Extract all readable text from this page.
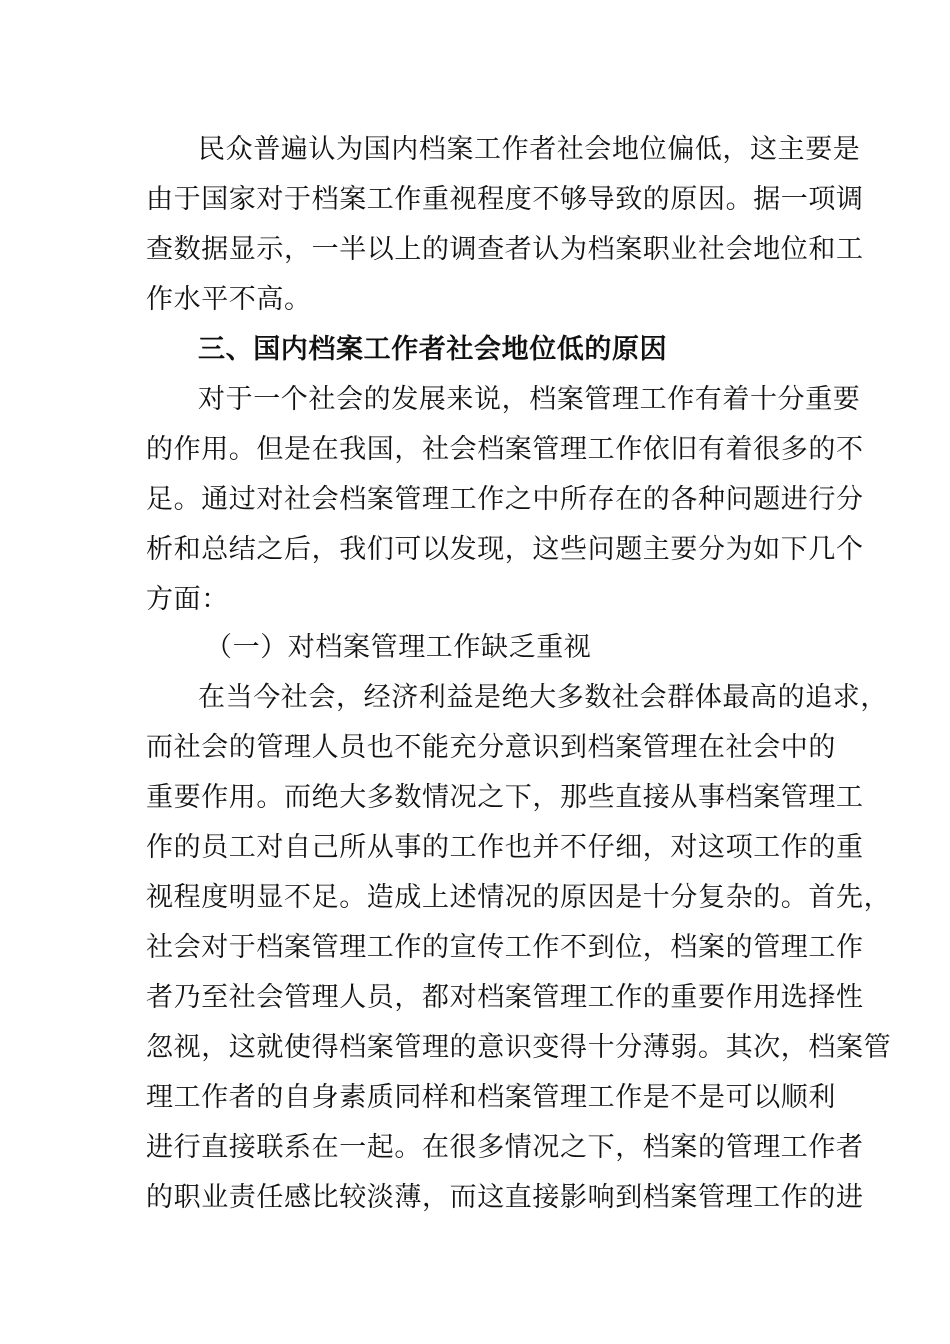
民众普遍认为国内档案工作者社会地位偏低，这主要是
由于国家对于档案工作重视程度不够导致的原因。据一项调
查数据显示，一半以上的调查者认为档案职业社会地位和工
作水平不高。
三、国内档案工作者社会地位低的原因
对于一个社会的发展来说，档案管理工作有着十分重要
的作用。但是在我国，社会档案管理工作依旧有着很多的不
足。通过对社会档案管理工作之中所存在的各种问题进行分
析和总结之后，我们可以发现，这些问题主要分为如下几个
方面：
（一）对档案管理工作缺乏重视
在当今社会，经济利益是绝大多数社会群体最高的追求，
而社会的管理人员也不能充分意识到档案管理在社会中的
重要作用。而绝大多数情况之下，那些直接从事档案管理工
作的员工对自己所从事的工作也并不仔细，对这项工作的重
视程度明显不足。造成上述情况的原因是十分复杂的。首先，
社会对于档案管理工作的宣传工作不到位，档案的管理工作
者乃至社会管理人员，都对档案管理工作的重要作用选择性
忽视，这就使得档案管理的意识变得十分薄弱。其次，档案管
理工作者的自身素质同样和档案管理工作是不是可以顺利
进行直接联系在一起。在很多情况之下，档案的管理工作者
的职业责任感比较淡薄，而这直接影响到档案管理工作的进
